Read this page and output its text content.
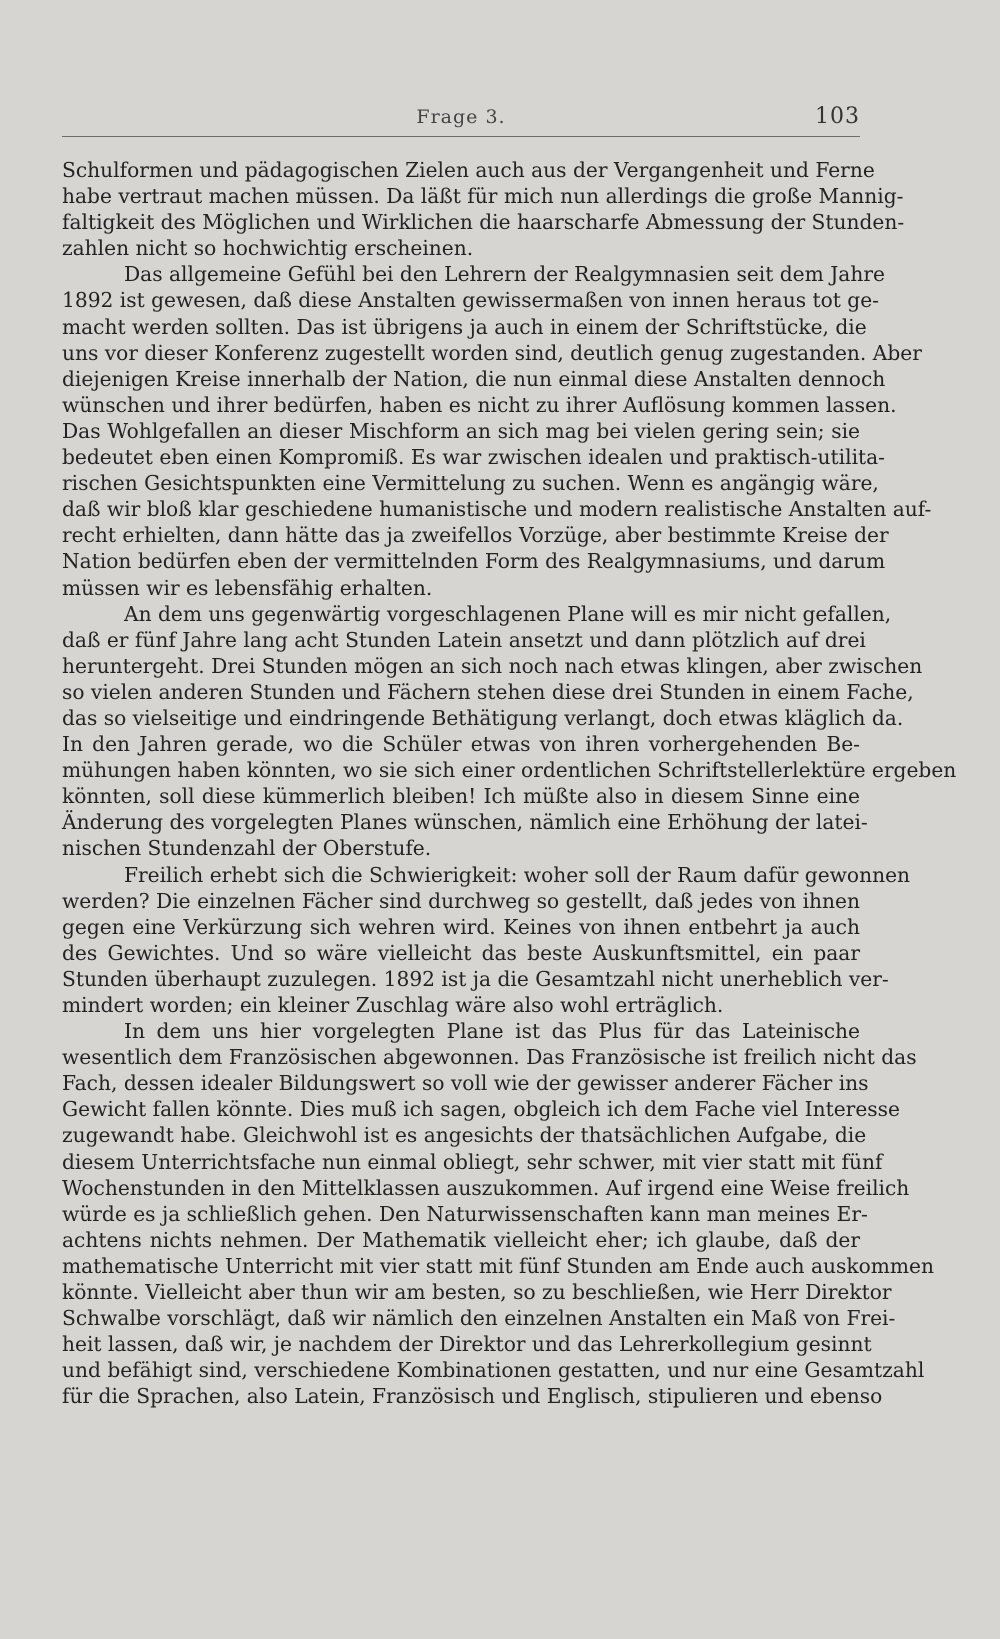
Frage 3.	103
Schulformen und pädagogischen Zielen auch aus der Vergangenheit und Ferne
habe vertraut machen müssen. Da läßt für mich nun allerdings die große Mannig-
faltigkeit des Möglichen und Wirklichen die haarscharfe Abmessung der Stunden-
zahlen nicht so hochwichtig erscheinen.
Das allgemeine Gefühl bei den Lehrern der Realgymnasien seit dem Jahre
1892 ist gewesen, daß diese Anstalten gewissermaßen von innen heraus tot ge-
macht werden sollten. Das ist übrigens ja auch in einem der Schriftstücke, die
uns vor dieser Konferenz zugestellt worden sind, deutlich genug zugestanden. Aber
diejenigen Kreise innerhalb der Nation, die nun einmal diese Anstalten dennoch
wünschen und ihrer bedürfen, haben es nicht zu ihrer Auflösung kommen lassen.
Das Wohlgefallen an dieser Mischform an sich mag bei vielen gering sein; sie
bedeutet eben einen Kompromiß. Es war zwischen idealen und praktisch-utilita-
rischen Gesichtspunkten eine Vermittelung zu suchen. Wenn es angängig wäre,
daß wir bloß klar geschiedene humanistische und modern realistische Anstalten auf-
recht erhielten, dann hätte das ja zweifellos Vorzüge, aber bestimmte Kreise der
Nation bedürfen eben der vermittelnden Form des Realgymnasiums, und darum
müssen wir es lebensfähig erhalten.
An dem uns gegenwärtig vorgeschlagenen Plane will es mir nicht gefallen,
daß er fünf Jahre lang acht Stunden Latein ansetzt und dann plötzlich auf drei
heruntergeht. Drei Stunden mögen an sich noch nach etwas klingen, aber zwischen
so vielen anderen Stunden und Fächern stehen diese drei Stunden in einem Fache,
das so vielseitige und eindringende Bethätigung verlangt, doch etwas kläglich da.
In den Jahren gerade, wo die Schüler etwas von ihren vorhergehenden Be-
mühungen haben könnten, wo sie sich einer ordentlichen Schriftstellerlektüre ergeben
könnten, soll diese kümmerlich bleiben! Ich müßte also in diesem Sinne eine
Änderung des vorgelegten Planes wünschen, nämlich eine Erhöhung der latei-
nischen Stundenzahl der Oberstufe.
Freilich erhebt sich die Schwierigkeit: woher soll der Raum dafür gewonnen
werden? Die einzelnen Fächer sind durchweg so gestellt, daß jedes von ihnen
gegen eine Verkürzung sich wehren wird. Keines von ihnen entbehrt ja auch
des Gewichtes. Und so wäre vielleicht das beste Auskunftsmittel, ein paar
Stunden überhaupt zuzulegen. 1892 ist ja die Gesamtzahl nicht unerheblich ver-
mindert worden; ein kleiner Zuschlag wäre also wohl erträglich.
In dem uns hier vorgelegten Plane ist das Plus für das Lateinische
wesentlich dem Französischen abgewonnen. Das Französische ist freilich nicht das
Fach, dessen idealer Bildungswert so voll wie der gewisser anderer Fächer ins
Gewicht fallen könnte. Dies muß ich sagen, obgleich ich dem Fache viel Interesse
zugewandt habe. Gleichwohl ist es angesichts der thatsächlichen Aufgabe, die
diesem Unterrichtsfache nun einmal obliegt, sehr schwer, mit vier statt mit fünf
Wochenstunden in den Mittelklassen auszukommen. Auf irgend eine Weise freilich
würde es ja schließlich gehen. Den Naturwissenschaften kann man meines Er-
achtens nichts nehmen. Der Mathematik vielleicht eher; ich glaube, daß der
mathematische Unterricht mit vier statt mit fünf Stunden am Ende auch auskommen
könnte. Vielleicht aber thun wir am besten, so zu beschließen, wie Herr Direktor
Schwalbe vorschlägt, daß wir nämlich den einzelnen Anstalten ein Maß von Frei-
heit lassen, daß wir, je nachdem der Direktor und das Lehrerkollegium gesinnt
und befähigt sind, verschiedene Kombinationen gestatten, und nur eine Gesamtzahl
für die Sprachen, also Latein, Französisch und Englisch, stipulieren und ebenso
